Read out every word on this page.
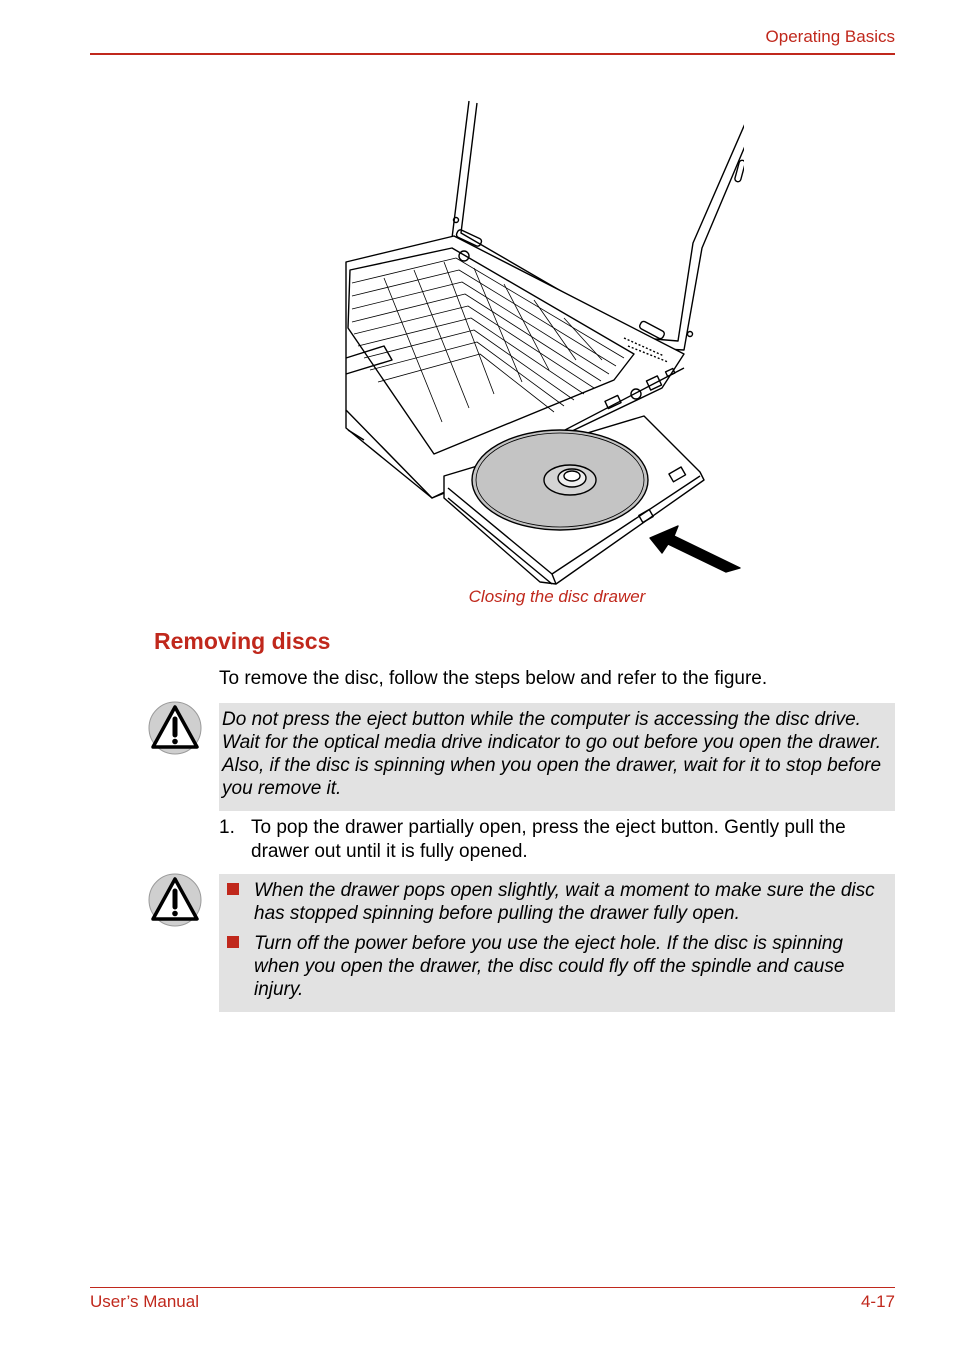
Operating Basics
Closing the disc drawer
Removing discs
To remove the disc, follow the steps below and refer to the figure.
Do not press the eject button while the computer is accessing the disc drive. Wait for the optical media drive indicator to go out before you open the drawer. Also, if the disc is spinning when you open the drawer, wait for it to stop before you remove it.
1. To pop the drawer partially open, press the eject button. Gently pull the drawer out until it is fully opened.
When the drawer pops open slightly, wait a moment to make sure the disc has stopped spinning before pulling the drawer fully open.
Turn off the power before you use the eject hole. If the disc is spinning when you open the drawer, the disc could fly off the spindle and cause injury.
User’s Manual	4-17
